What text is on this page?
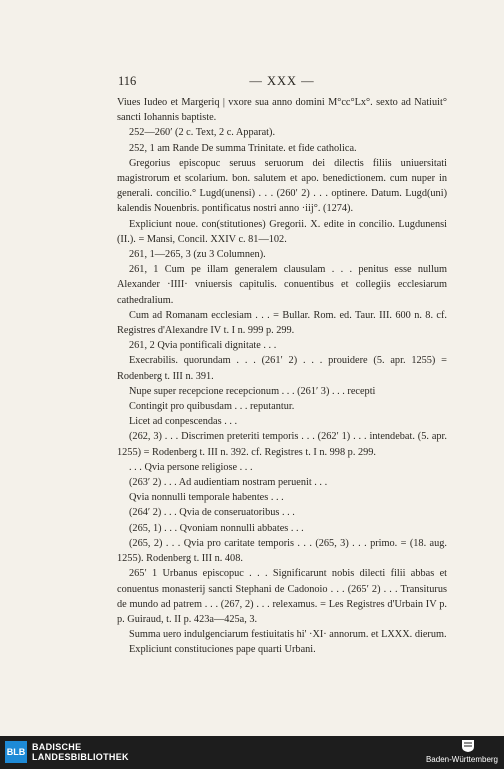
116	— XXX —

Viues Iudeo et Margeriq | vxore sua anno domini M°cc°Lx°. sexto ad Natiuit° sancti Iohannis baptiste.

252—260′ (2 c. Text, 2 c. Apparat).

252, 1 am Rande De summa Trinitate. et fide catholica.

Gregorius episcopuc seruus seruorum dei dilectis filiis uniuersitati magistrorum et scolarium. bon. salutem et apo. benedictionem. cum nuper in generali. concilio.° Lugd(unensi) . . . (260′ 2) . . . optinere. Datum. Lugd(uni) kalendis Nouenbris. pontificatus nostri anno ·iij°. (1274).

Expliciunt noue. con(stitutiones) Gregorii. X. edite in concilio. Lugdunensi (II.). = Mansi, Concil. XXIV c. 81—102.

261, 1—265, 3 (zu 3 Columnen).

261, 1 Cum pe illam generalem clausulam . . . penitus esse nullum Alexander ·IIII· vniuersis capitulis. conuentibus et collegiis ecclesiarum cathedralium.

Cum ad Romanam ecclesiam . . . = Bullar. Rom. ed. Taur. III. 600 n. 8. cf. Registres d'Alexandre IV t. I n. 999 p. 299.

261, 2 Qvia pontificali dignitate . . .

Execrabilis. quorundam . . . (261′ 2) . . . prouidere (5. apr. 1255) = Rodenberg t. III n. 391.

Nupe super recepcione recepcionum . . . (261′ 3) . . . recepti

Contingit pro quibusdam . . . reputantur.

Licet ad conpescendas . . .

(262, 3) . . . Discrimen preteriti temporis . . . (262′ 1) . . . intendebat. (5. apr. 1255) = Rodenberg t. III n. 392. cf. Registres t. I n. 998 p. 299.

. . . Qvia persone religiose . . .

(263′ 2) . . . Ad audientiam nostram peruenit . . .

Qvia nonnulli temporale habentes . . .

(264′ 2) . . . Qvia de conseruatoribus . . .

(265, 1) . . . Qvoniam nonnulli abbates . . .

(265, 2) . . . Qvia pro caritate temporis . . . (265, 3) . . . primo. = (18. aug. 1255). Rodenberg t. III n. 408.

265′ 1 Urbanus episcopuc . . . Significarunt nobis dilecti filii abbas et conuentus monasterij sancti Stephani de Cadonoio . . . (265′ 2) . . . Transiturus de mundo ad patrem . . . (267, 2) . . . relexamus. = Les Registres d'Urbain IV p. p. Guiraud, t. II p. 423a—425a, 3.

Summa uero indulgenciarum festiuitatis hi' ·XI· annorum. et LXXX. dierum.

Expliciunt constituciones pape quarti Urbani.

BLB BADISCHE
LANDESBIBLIOTHEK	Baden-Württemberg
